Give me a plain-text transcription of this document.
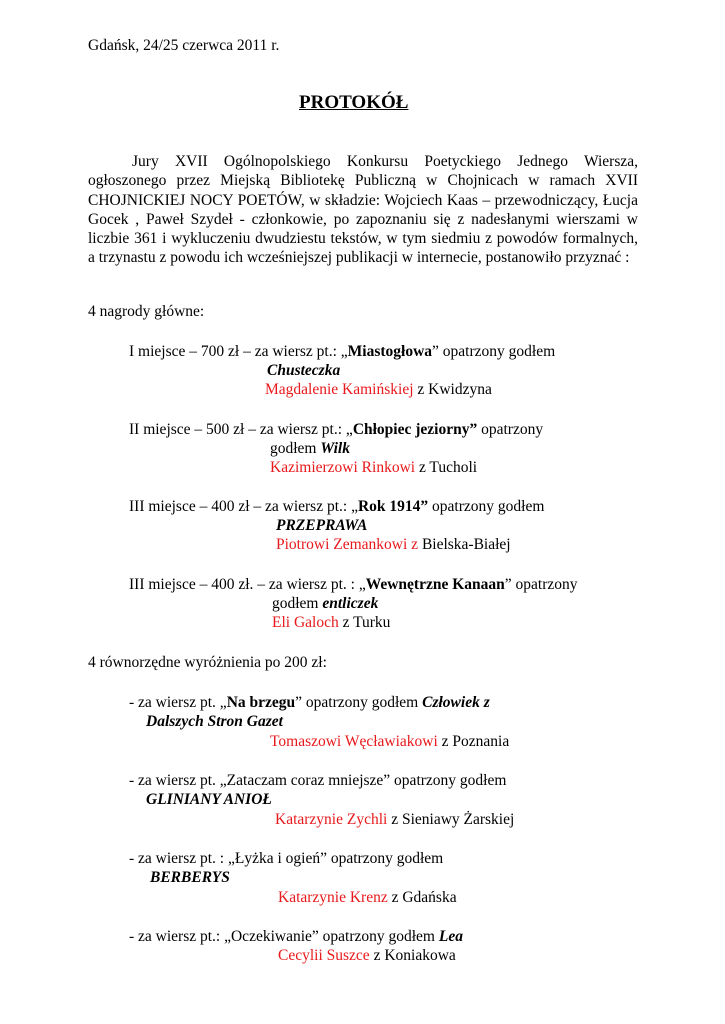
Gdańsk, 24/25 czerwca 2011 r.
PROTOKÓŁ
Jury XVII Ogólnopolskiego Konkursu Poetyckiego Jednego Wiersza, ogłoszonego przez Miejską Bibliotekę Publiczną w Chojnicach w ramach XVII CHOJNICKIEJ NOCY POETÓW, w składzie: Wojciech Kaas – przewodniczący, Łucja Gocek , Paweł Szydeł - członkowie, po zapoznaniu się z nadesłanymi wierszami w liczbie 361 i wykluczeniu dwudziestu tekstów, w tym siedmiu z powodów formalnych, a trzynastu z powodu ich wcześniejszej publikacji w internecie, postanowiło przyznać :
4 nagrody główne:
I miejsce – 700 zł – za wiersz pt.: „Miastogłowa” opatrzony godłem
Chusteczka
Magdalenie Kamińskiej z Kwidzyna
II miejsce – 500 zł – za wiersz pt.: „Chłopiec jeziorny” opatrzony
godłem Wilk
Kazimierzowi Rinkowi z Tucholi
III miejsce – 400 zł – za wiersz pt.: „Rok 1914” opatrzony godłem
PRZEPRAWA
Piotrowi Zemankowi z Bielska-Białej
III miejsce – 400 zł. – za wiersz pt. : „Wewnętrzne Kanaan” opatrzony
godłem entliczek
Eli Galoch z Turku
4 równorzędne wyróżnienia po 200 zł:
- za wiersz pt. „Na brzegu” opatrzony godłem Człowiek z
Dalszych Stron Gazet
Tomaszowi Węcławiakowi z Poznania
- za wiersz pt. „Zataczam coraz mniejsze” opatrzony godłem
GLINIANY ANIOŁ
Katarzynie Zychli z Sieniawy Żarskiej
- za wiersz pt. : „Łyżka i ogień” opatrzony godłem
BERBERYS
Katarzynie Krenz z Gdańska
- za wiersz pt.: „Oczekiwanie” opatrzony godłem Lea
Cecylii Suszce z Koniakowa
